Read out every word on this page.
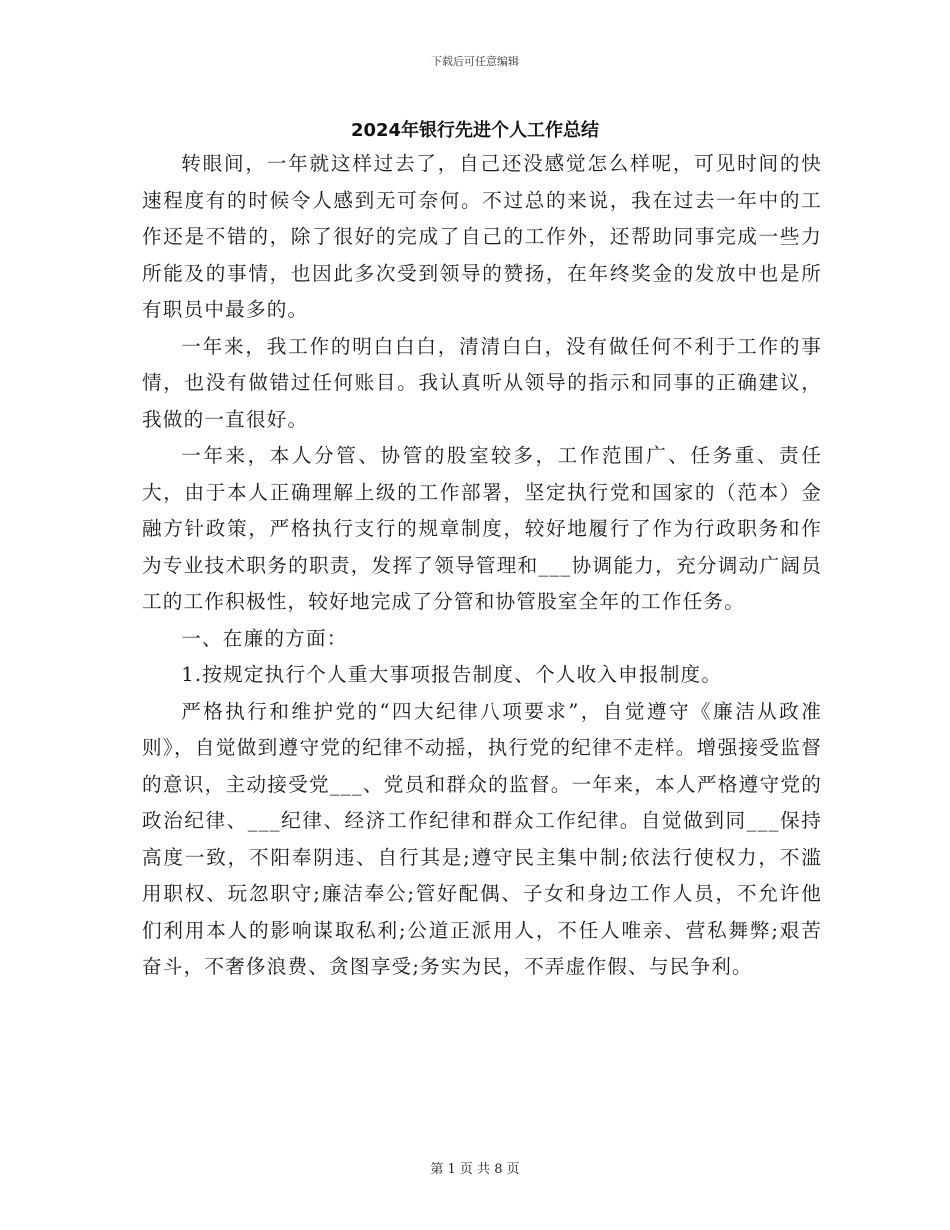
下载后可任意编辑
2024年银行先进个人工作总结

转眼间，一年就这样过去了，自己还没感觉怎么样呢，可见时间的快速程度有的时候令人感到无可奈何。不过总的来说，我在过去一年中的工作还是不错的，除了很好的完成了自己的工作外，还帮助同事完成一些力所能及的事情，也因此多次受到领导的赞扬，在年终奖金的发放中也是所有职员中最多的。

一年来，我工作的明白白白，清清白白，没有做任何不利于工作的事情，也没有做错过任何账目。我认真听从领导的指示和同事的正确建议，我做的一直很好。

一年来，本人分管、协管的股室较多，工作范围广、任务重、责任大，由于本人正确理解上级的工作部署，坚定执行党和国家的（范本）金融方针政策，严格执行支行的规章制度，较好地履行了作为行政职务和作为专业技术职务的职责，发挥了领导管理和___协调能力，充分调动广阔员工的工作积极性，较好地完成了分管和协管股室全年的工作任务。

一、在廉的方面：

1.按规定执行个人重大事项报告制度、个人收入申报制度。

严格执行和维护党的“四大纪律八项要求”，自觉遵守《廉洁从政准则》，自觉做到遵守党的纪律不动摇，执行党的纪律不走样。增强接受监督的意识，主动接受党___、党员和群众的监督。一年来，本人严格遵守党的政治纪律、___纪律、经济工作纪律和群众工作纪律。自觉做到同___保持高度一致，不阳奉阴违、自行其是;遵守民主集中制;依法行使权力，不滥用职权、玩忽职守;廉洁奉公;管好配偶、子女和身边工作人员，不允许他们利用本人的影响谋取私利;公道正派用人，不任人唯亲、营私舞弊;艰苦奋斗，不奢侈浪费、贪图享受;务实为民，不弄虚作假、与民争利。

第 1 页 共 8 页
